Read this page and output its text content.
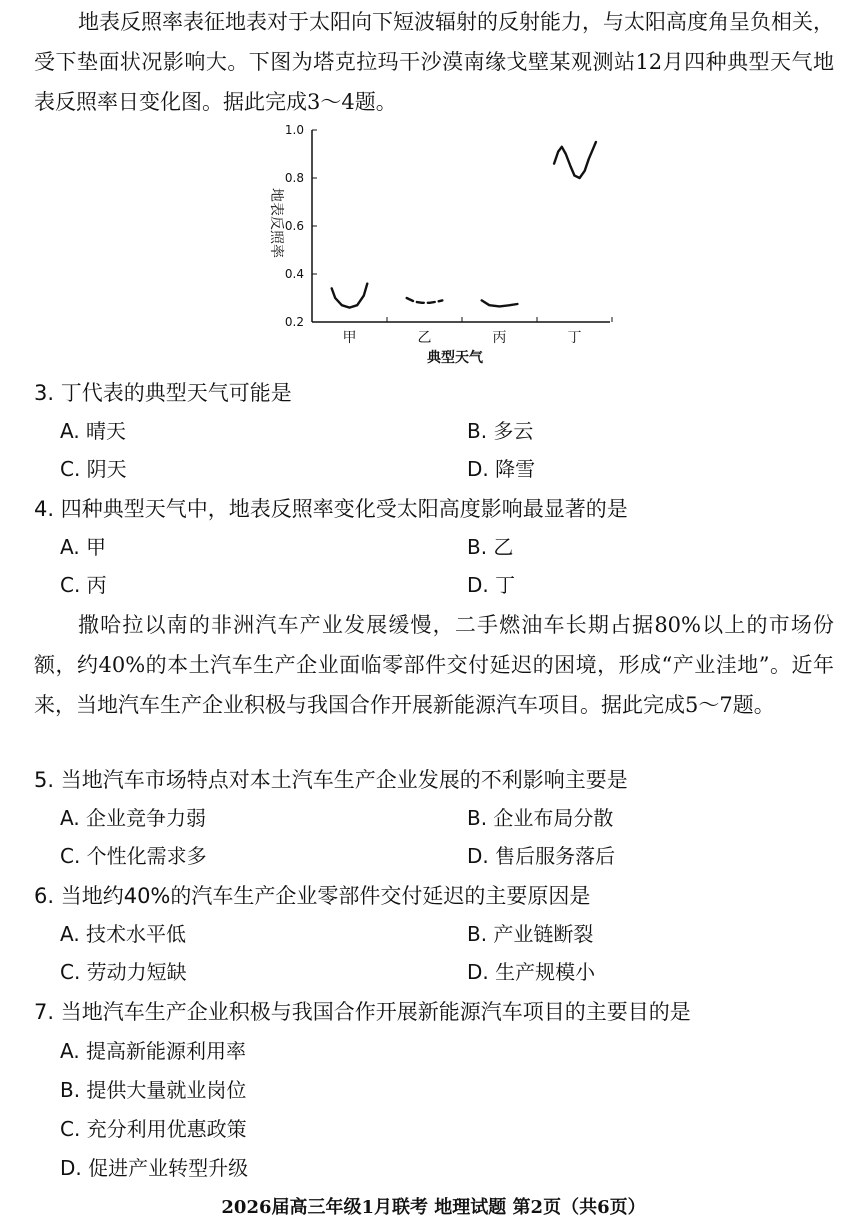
地表反照率表征地表对于太阳向下短波辐射的反射能力，与太阳高度角呈负相关，受下垫面状况影响大。下图为塔克拉玛干沙漠南缘戈壁某观测站12月四种典型天气地表反照率日变化图。据此完成3～4题。

0.2
0.4
0.6
0.8
1.0
甲	乙	丙	丁
地表反照率
典型天气
3. 丁代表的典型天气可能是
A. 晴天	B. 多云
C. 阴天	D. 降雪
4. 四种典型天气中，地表反照率变化受太阳高度影响最显著的是
A. 甲	B. 乙
C. 丙	D. 丁

撒哈拉以南的非洲汽车产业发展缓慢，二手燃油车长期占据80%以上的市场份额，约40%的本土汽车生产企业面临零部件交付延迟的困境，形成“产业洼地”。近年来，当地汽车生产企业积极与我国合作开展新能源汽车项目。据此完成5～7题。

5. 当地汽车市场特点对本土汽车生产企业发展的不利影响主要是
A. 企业竞争力弱	B. 企业布局分散
C. 个性化需求多	D. 售后服务落后
6. 当地约40%的汽车生产企业零部件交付延迟的主要原因是
A. 技术水平低	B. 产业链断裂
C. 劳动力短缺	D. 生产规模小
7. 当地汽车生产企业积极与我国合作开展新能源汽车项目的主要目的是
A. 提高新能源利用率
B. 提供大量就业岗位
C. 充分利用优惠政策
D. 促进产业转型升级
2026届高三年级1月联考 地理试题 第2页（共6页）
